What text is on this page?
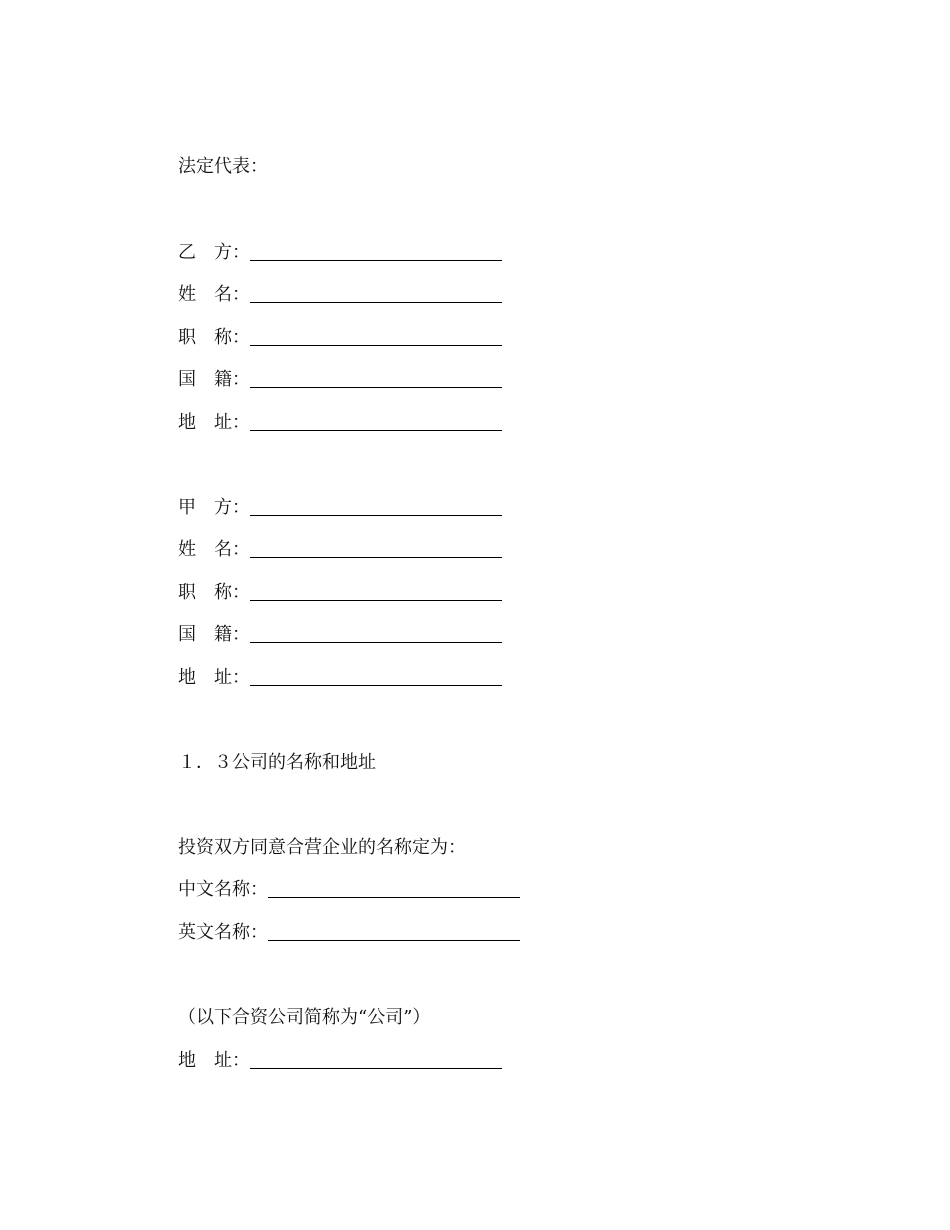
法定代表：
乙　方：
姓　名：
职　称：
国　籍：
地　址：
甲　方：
姓　名：
职　称：
国　籍：
地　址：
１．３公司的名称和地址
投资双方同意合营企业的名称定为：
中文名称：
英文名称：
（以下合资公司简称为“公司”）
地　址：
